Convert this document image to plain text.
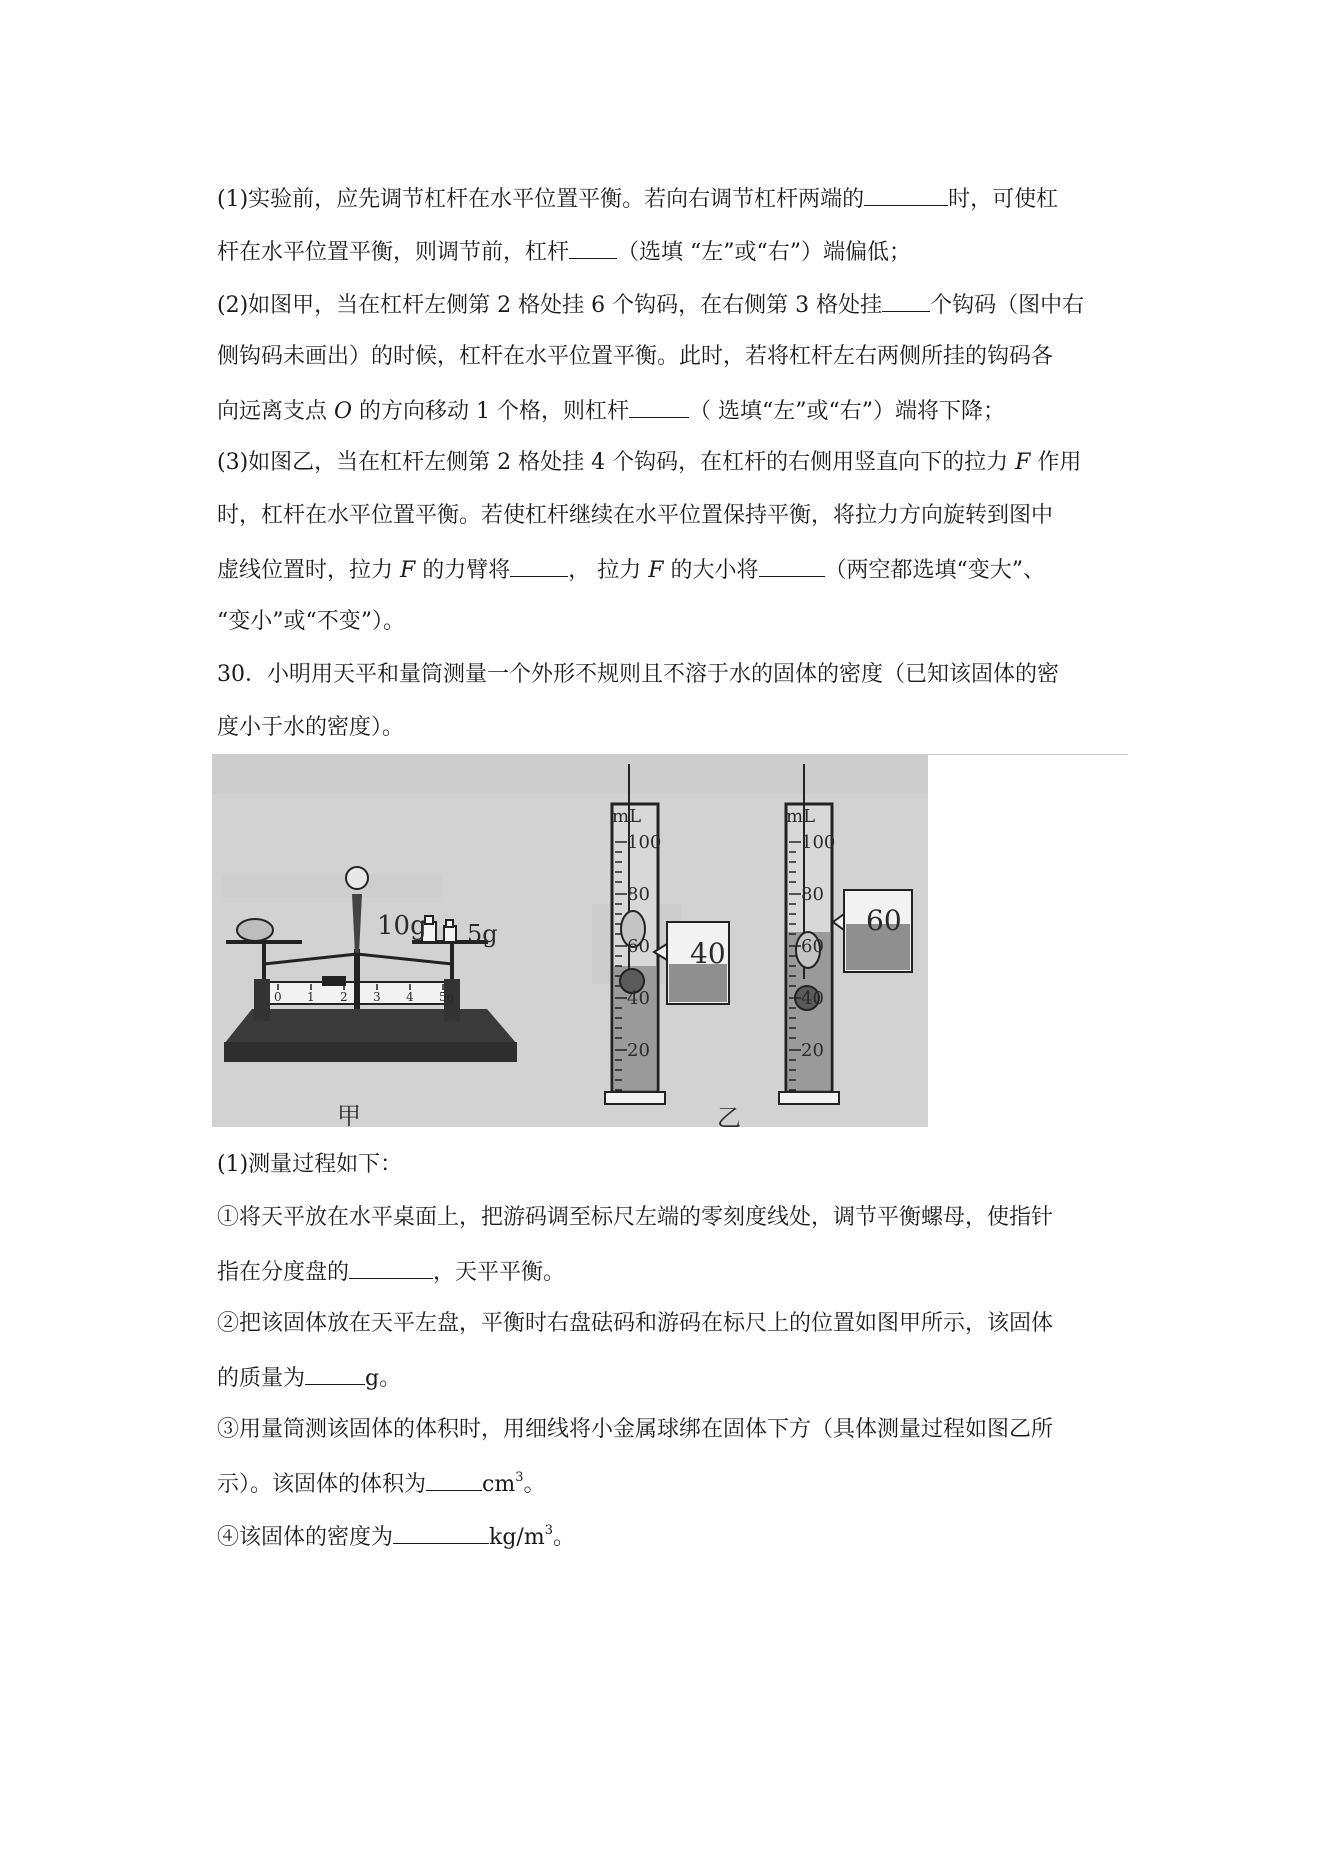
(1)实验前，应先调节杠杆在水平位置平衡。若向右调节杠杆两端的	时，可使杠
杆在水平位置平衡，则调节前，杠杆 （选填 “左”或“右”）端偏低；
(2)如图甲，当在杠杆左侧第 2 格处挂 6 个钩码，在右侧第 3 格处挂 个钩码（图中右
侧钩码未画出）的时候，杠杆在水平位置平衡。此时，若将杠杆左右两侧所挂的钩码各
向远离支点 O 的方向移动 1 个格，则杠杆	（ 选填“左”或“右”）端将下降；
(3)如图乙，当在杠杆左侧第 2 格处挂 4 个钩码，在杠杆的右侧用竖直向下的拉力 F 作用
时，杠杆在水平位置平衡。若使杠杆继续在水平位置保持平衡，将拉力方向旋转到图中
虚线位置时，拉力 F 的力臂将	， 拉力 F 的大小将	（两空都选填“变大”、
“变小”或“不变”）。
30．小明用天平和量筒测量一个外形不规则且不溶于水的固体的密度（已知该固体的密
度小于水的密度）。
0 1 2 3 4 5g
10g 5g
甲
100
80
60
40
20
mL
40
100
80
60
40
20
mL
60
乙
(1)测量过程如下：
①将天平放在水平桌面上，把游码调至标尺左端的零刻度线处，调节平衡螺母，使指针
指在分度盘的	，天平平衡。
②把该固体放在天平左盘，平衡时右盘砝码和游码在标尺上的位置如图甲所示，该固体
的质量为	g。
③用量筒测该固体的体积时，用细线将小金属球绑在固体下方（具体测量过程如图乙所
示）。该固体的体积为	$cm^3$。
④该固体的密度为	$kg/m^3$。
